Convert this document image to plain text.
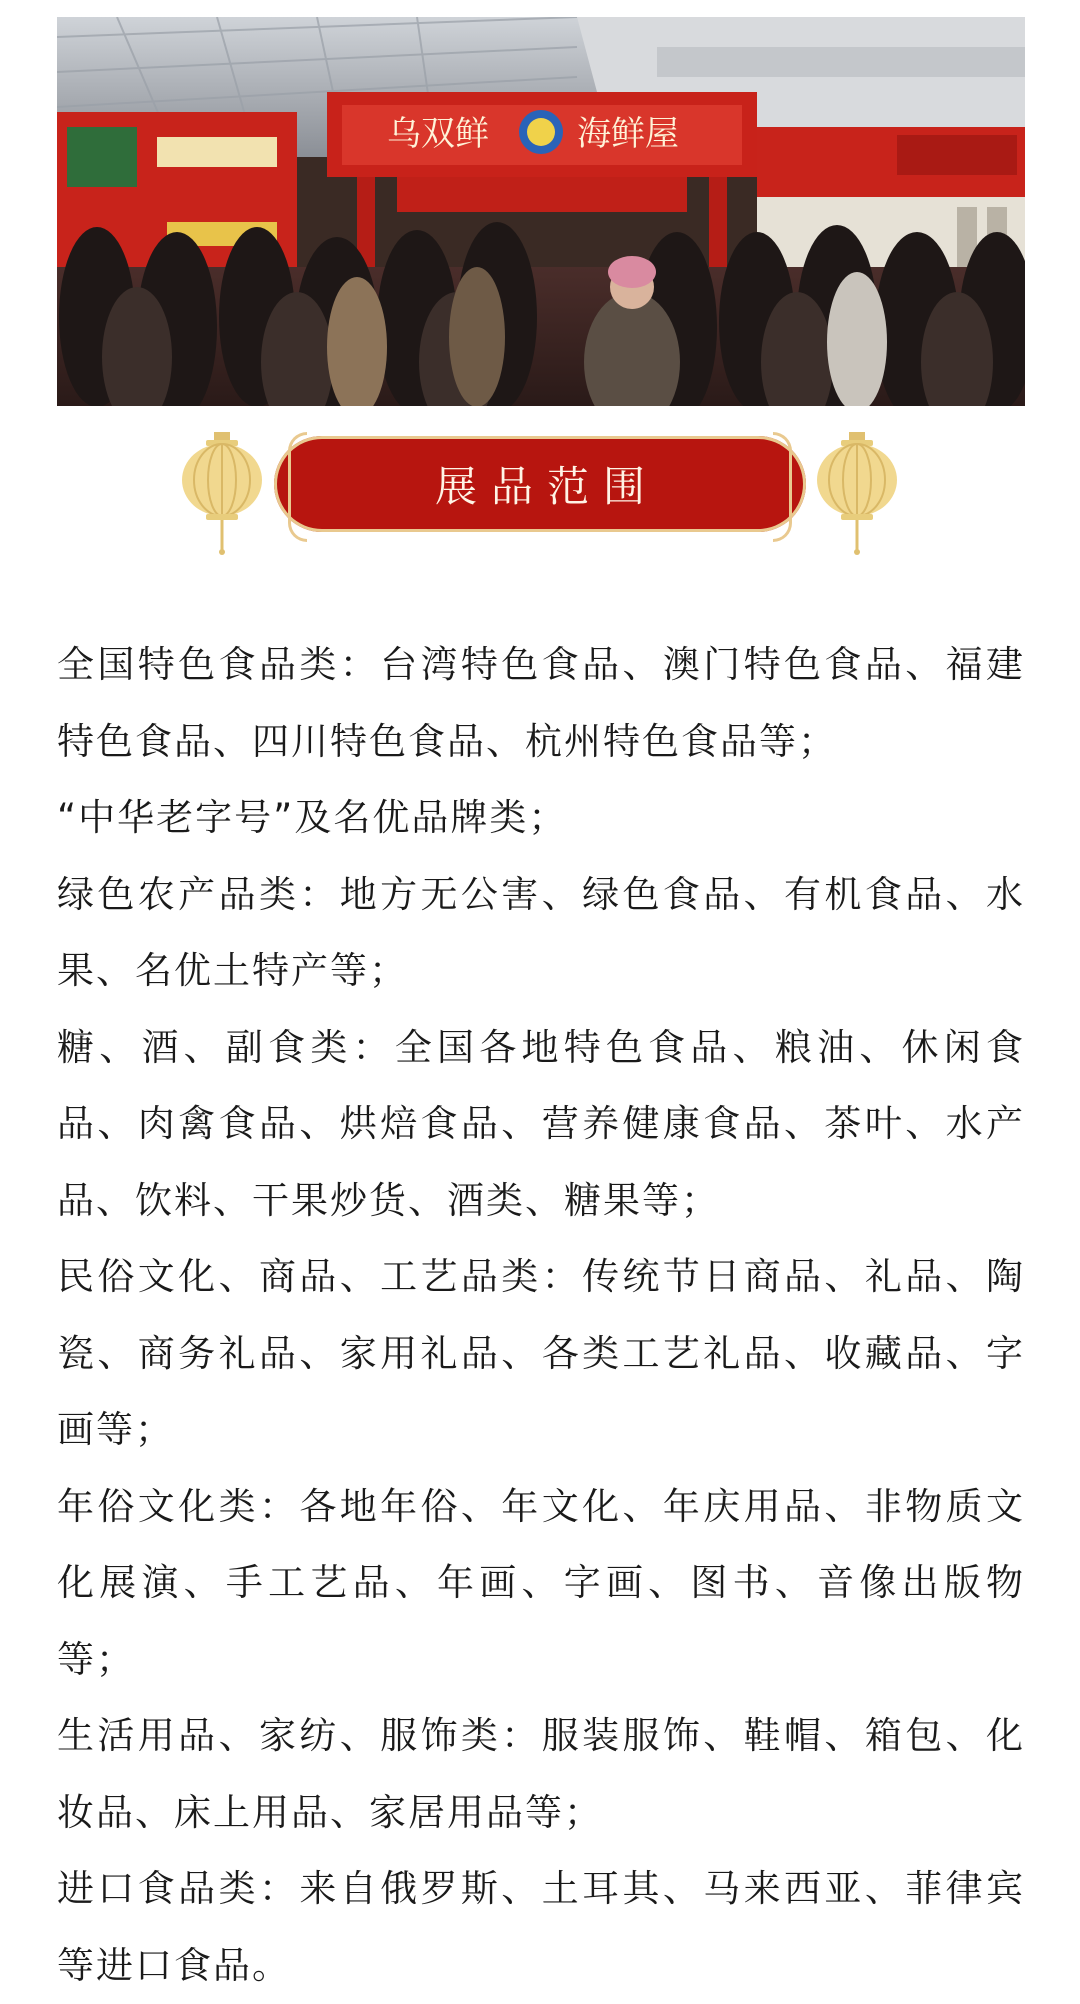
乌双鲜	海鲜屋
展品范围

全国特色食品类：台湾特色食品、澳门特色食品、福建特色食品、四川特色食品、杭州特色食品等；

“中华老字号”及名优品牌类；

绿色农产品类：地方无公害、绿色食品、有机食品、水果、名优土特产等；

糖、酒、副食类：全国各地特色食品、粮油、休闲食品、肉禽食品、烘焙食品、营养健康食品、茶叶、水产品、饮料、干果炒货、酒类、糖果等；

民俗文化、商品、工艺品类：传统节日商品、礼品、陶瓷、商务礼品、家用礼品、各类工艺礼品、收藏品、字画等；

年俗文化类：各地年俗、年文化、年庆用品、非物质文化展演、手工艺品、年画、字画、图书、音像出版物等；

生活用品、家纺、服饰类：服装服饰、鞋帽、箱包、化妆品、床上用品、家居用品等；

进口食品类：来自俄罗斯、土耳其、马来西亚、菲律宾等进口食品。
